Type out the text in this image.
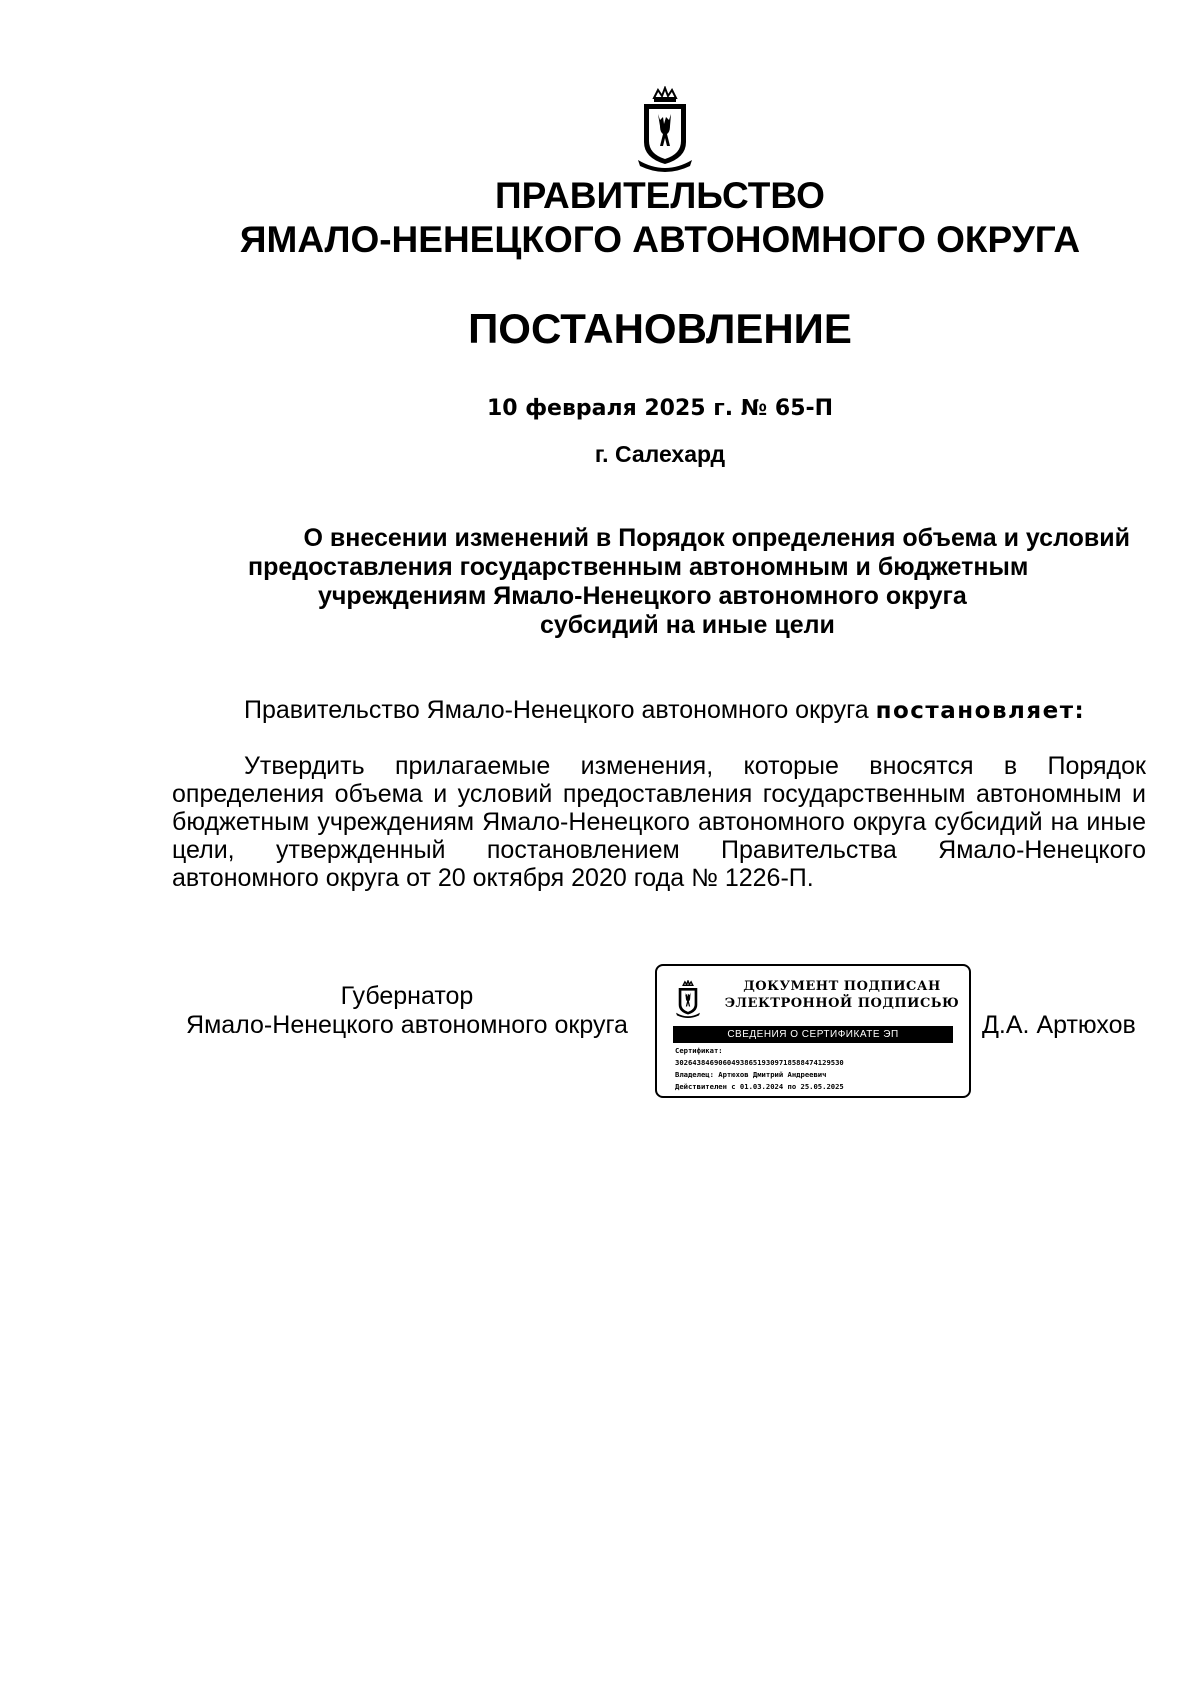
ПРАВИТЕЛЬСТВО
ЯМАЛО-НЕНЕЦКОГО АВТОНОМНОГО ОКРУГА
ПОСТАНОВЛЕНИЕ
10 февраля 2025 г. № 65-П
г. Салехард
О внесении изменений в Порядок определения объема и условий
предоставления государственным автономным и бюджетным
учреждениям Ямало-Ненецкого автономного округа
субсидий на иные цели

Правительство Ямало-Ненецкого автономного округа постановляет:

Утвердить прилагаемые изменения, которые вносятся в Порядок определения объема и условий предоставления государственным автономным и бюджетным учреждениям Ямало-Ненецкого автономного округа субсидий на иные цели, утвержденный постановлением Правительства Ямало-Ненецкого автономного округа от 20 октября 2020 года № 1226-П.

Губернатор
Ямало-Ненецкого автономного округа
ДОКУМЕНТ ПОДПИСАН
ЭЛЕКТРОННОЙ ПОДПИСЬЮ
СВЕДЕНИЯ О СЕРТИФИКАТЕ ЭП
Сертификат:
302643846906049386519309718588474129530
Владелец: Артюхов Дмитрий Андреевич
Действителен с 01.03.2024 по 25.05.2025
Д.А. Артюхов
